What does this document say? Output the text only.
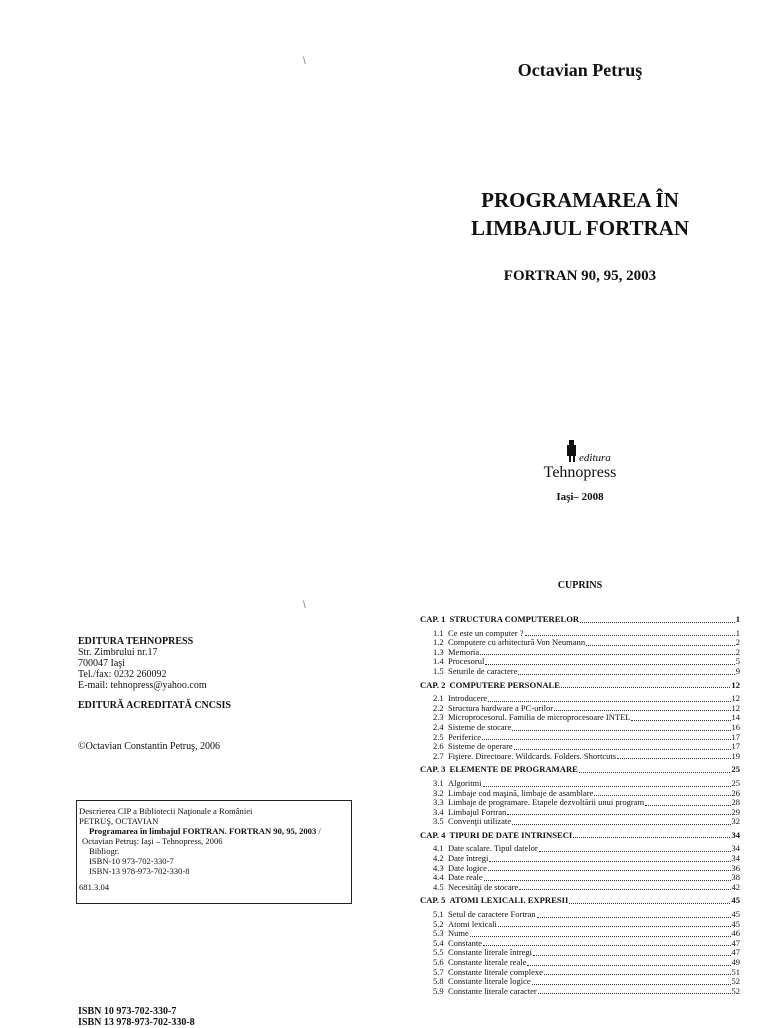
\	Octavian Petruş
PROGRAMAREA ÎN
LIMBAJUL FORTRAN
FORTRAN 90, 95, 2003
editura
Tehnopress
Iaşi– 2008
\
EDITURA TEHNOPRESS
Str. Zimbrului nr.17
700047 Iaşi
Tel./fax: 0232 260092
E-mail: tehnopress@yahoo.com
EDITURĂ ACREDITATĂ CNCSIS
©Octavian Constantin Petruş, 2006
Descrierea CIP a Bibliotecii Naţionale a României
PETRUŞ, OCTAVIAN
Programarea în limbajul FORTRAN. FORTRAN 90, 95, 2003 /
Octavian Petruş: Iaşi – Tehnopress, 2006
Bibliogr.
ISBN-10 973-702-330-7
ISBN-13 978-973-702-330-8
681.3.04
ISBN 10 973-702-330-7
ISBN 13 978-973-702-330-8
CUPRINS
CAP. 1 STRUCTURA COMPUTERELOR	1
1.1 Ce este un computer ?	1
1.2 Computere cu arhitectură Von Neumann	2
1.3 Memoria	2
1.4 Procesorul	5
1.5 Seturile de caractere	9
CAP. 2 COMPUTERE PERSONALE	12
2.1 Introducere	12
2.2 Structura hardware a PC-urilor	12
2.3 Microprocesorul. Familia de microprocesoare INTEL	14
2.4 Sisteme de stocare	16
2.5 Periferice	17
2.6 Sisteme de operare	17
2.7 Fişiere. Directoare. Wildcards. Folders. Shortcuts	19
CAP. 3 ELEMENTE DE PROGRAMARE	25
3.1 Algoritmi	25
3.2 Limbaje cod maşină, limbaje de asamblare	26
3.3 Limbaje de programare. Etapele dezvoltării unui program	28
3.4 Limbajul Fortran	29
3.5 Convenţii utilizate	32
CAP. 4 TIPURI DE DATE INTRINSECI	34
4.1 Date scalare. Tipul datelor	34
4.2 Date întregi	34
4.3 Date logice	36
4.4 Date reale	38
4.5 Necesităţi de stocare	42
CAP. 5 ATOMI LEXICALI. EXPRESII	45
5.1 Setul de caractere Fortran	45
5.2 Atomi lexicali	45
5.3 Nume	46
5.4 Constante	47
5.5 Constante literale întregi	47
5.6 Constante literale reale	49
5.7 Constante literale complexe	51
5.8 Constante literale logice	52
5.9 Constante literale caracter	52
